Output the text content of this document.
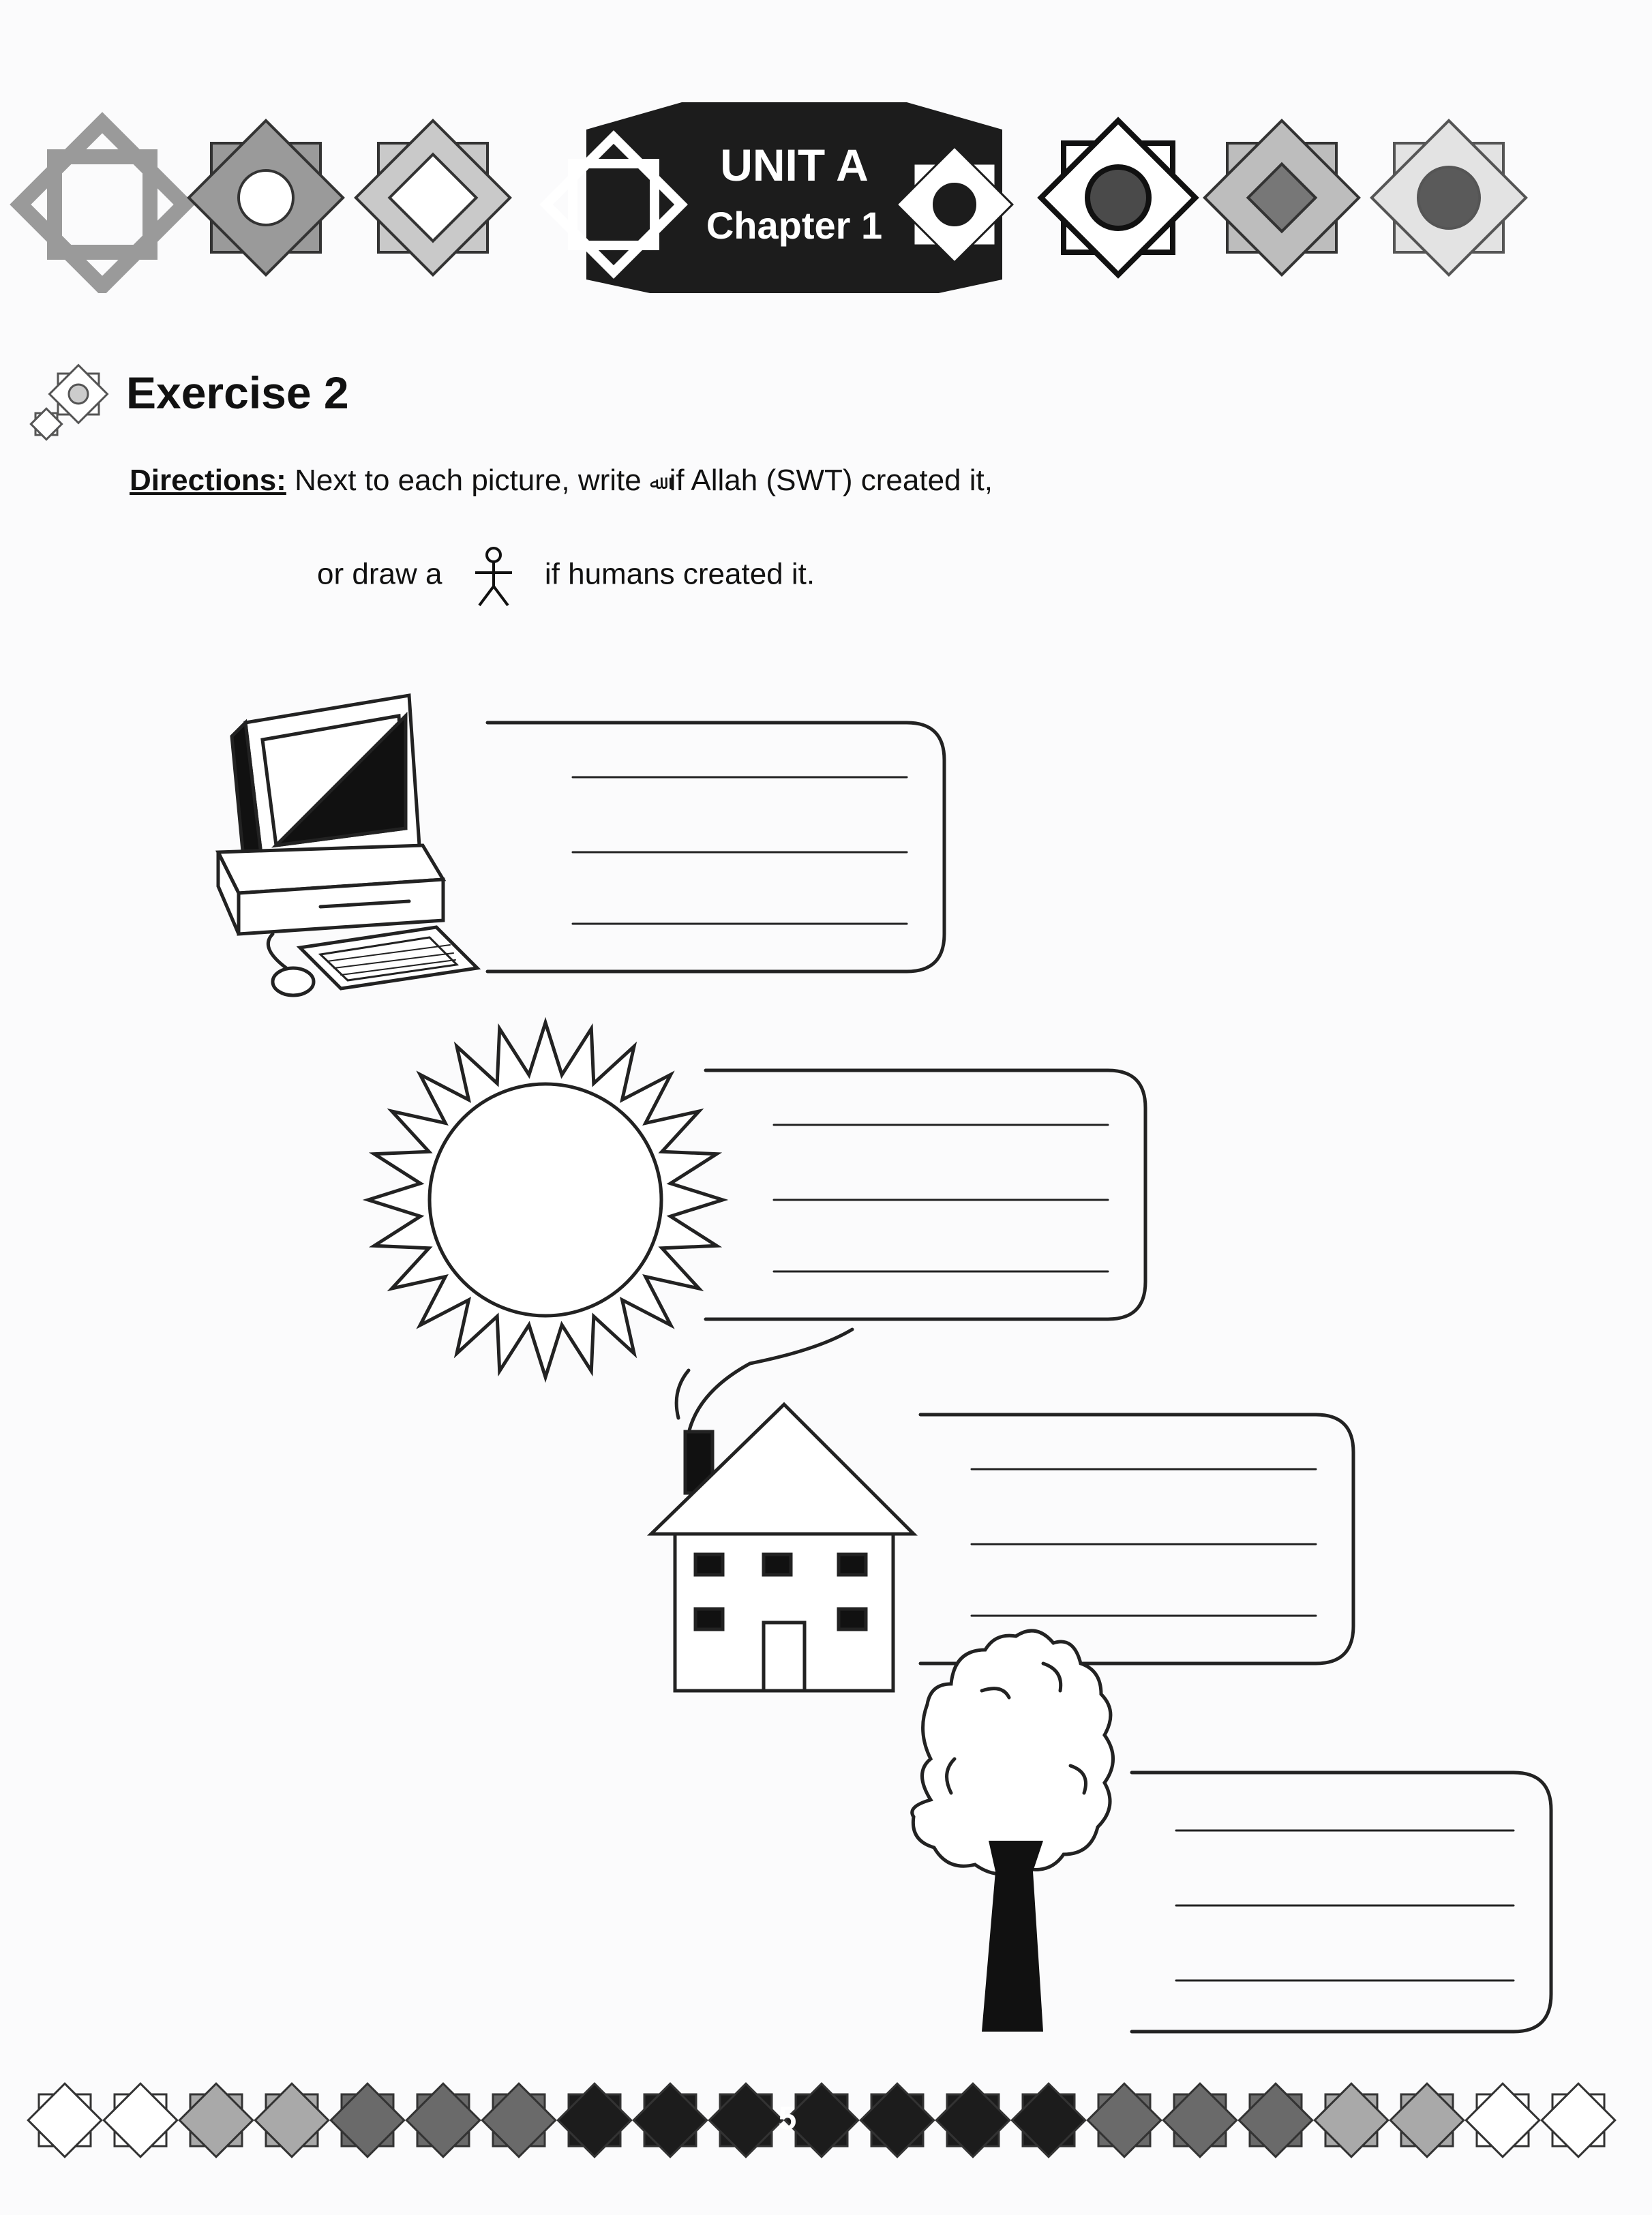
UNIT A
Chapter 1
Exercise 2
Directions: Next to each picture, write ﷲ if Allah (SWT) created it,
or draw a	if humans created it.
5
